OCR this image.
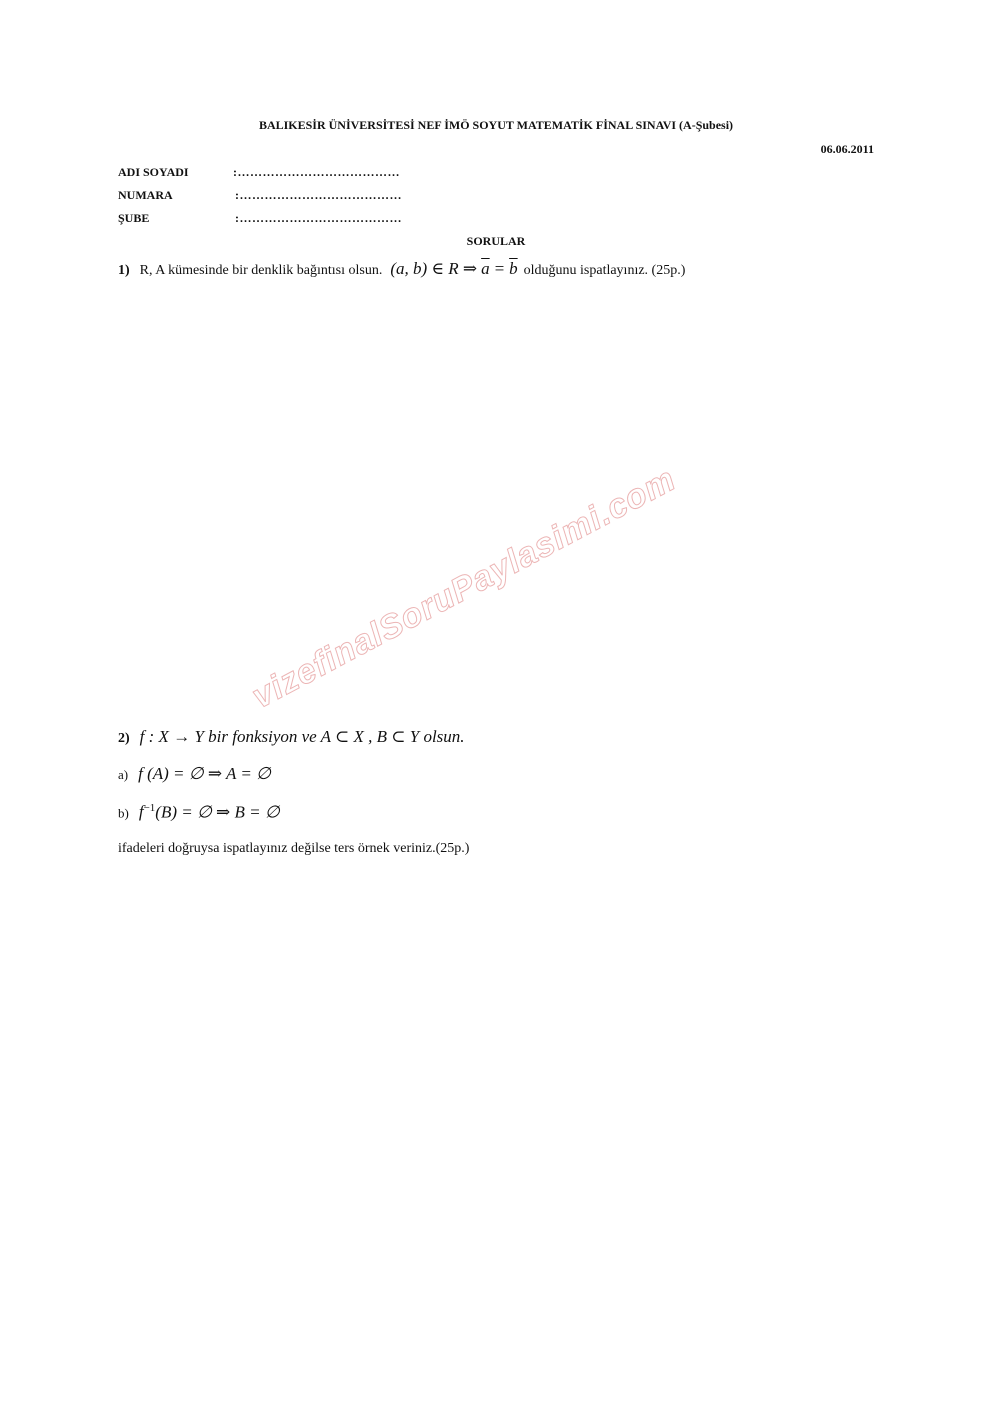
BALIKESİR ÜNİVERSİTESİ NEF İMÖ SOYUT MATEMATİK FİNAL SINAVI (A-Şubesi)
06.06.2011
ADI SOYADI	:…………………………………
NUMARA	:…………………………………
ŞUBE	:…………………………………
SORULAR
1) R, A kümesinde bir denklik bağıntısı olsun. (a, b) ∈ R ⇒ $\overline{a} = \overline{b}$ olduğunu ispatlayınız. (25p.)
vizefinalSoruPaylasimi.com
2) f : X → Y bir fonksiyon ve A ⊂ X , B ⊂ Y olsun.
a) f (A) = ∅ ⇒ A = ∅
b) $f^{-1}(B)$ = ∅ ⇒ B = ∅
ifadeleri doğruysa ispatlayınız değilse ters örnek veriniz.(25p.)
